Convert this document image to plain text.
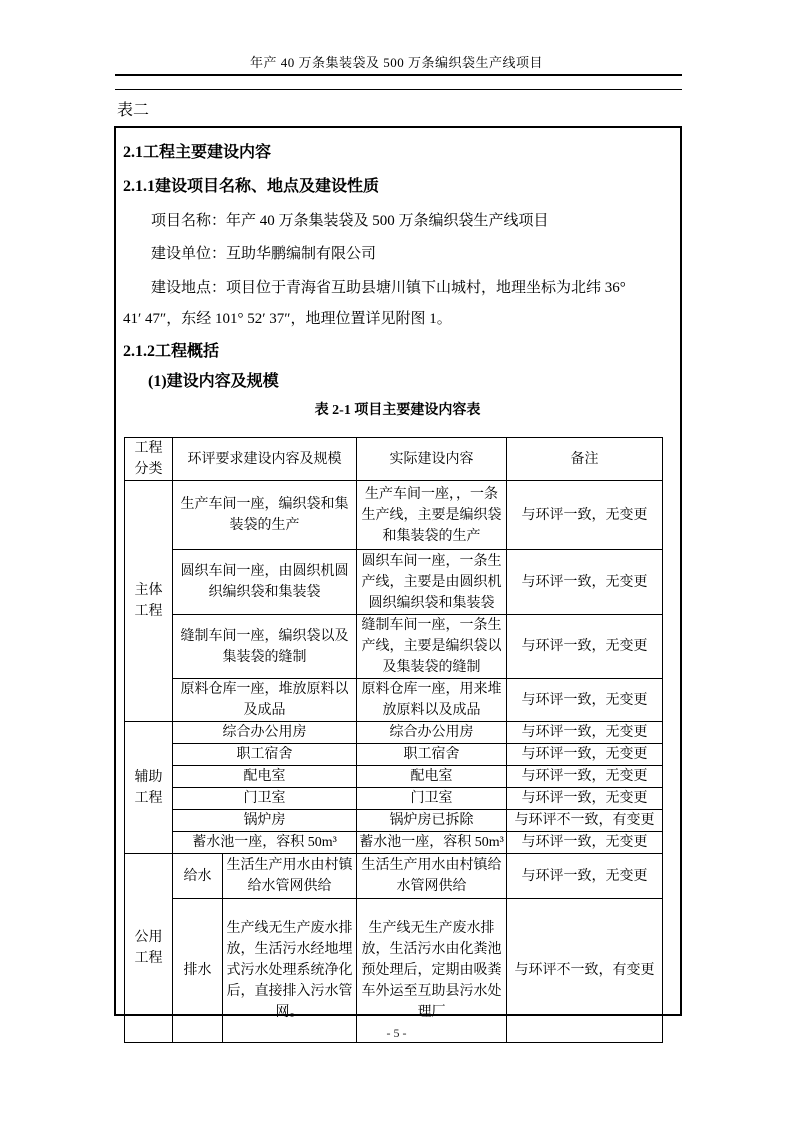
年产 40 万条集装袋及 500 万条编织袋生产线项目
表二

2.1工程主要建设内容

2.1.1建设项目名称、地点及建设性质

项目名称：年产 40 万条集装袋及 500 万条编织袋生产线项目

建设单位：互助华鹏编制有限公司

建设地点：项目位于青海省互助县塘川镇下山城村，地理坐标为北纬 36°

41′ 47″，东经 101° 52′ 37″，地理位置详见附图 1。

2.1.2工程概括

(1)建设内容及规模

表 2-1 项目主要建设内容表
工程
分类	环评要求建设内容及规模		实际建设内容	备注
主体
工程	生产车间一座，编织袋和集装袋的生产		生产车间一座，，一条生产线，主要是编织袋和集装袋的生产	与环评一致，无变更
	圆织车间一座，由圆织机圆织编织袋和集装袋		圆织车间一座，一条生产线，主要是由圆织机圆织编织袋和集装袋	与环评一致，无变更
	缝制车间一座，编织袋以及集装袋的缝制		缝制车间一座，一条生产线，主要是编织袋以及集装袋的缝制	与环评一致，无变更
	原料仓库一座，堆放原料以及成品		原料仓库一座，用来堆放原料以及成品	与环评一致，无变更
辅助
工程	综合办公用房		综合办公用房	与环评一致，无变更
	职工宿舍		职工宿舍	与环评一致，无变更
	配电室		配电室	与环评一致，无变更
	门卫室		门卫室	与环评一致，无变更
	锅炉房		锅炉房已拆除	与环评不一致，有变更
	蓄水池一座，容积 50m³		蓄水池一座，容积 50m³	与环评一致，无变更
公用
工程	给水	生活生产用水由村镇给水管网供给	生活生产用水由村镇给水管网供给	与环评一致，无变更
	排水	生产线无生产废水排放，生活污水经地埋式污水处理系统净化后，直接排入污水管网。	生产线无生产废水排放，生活污水由化粪池预处理后，定期由吸粪车外运至互助县污水处理厂	与环评不一致，有变更
- 5 -
